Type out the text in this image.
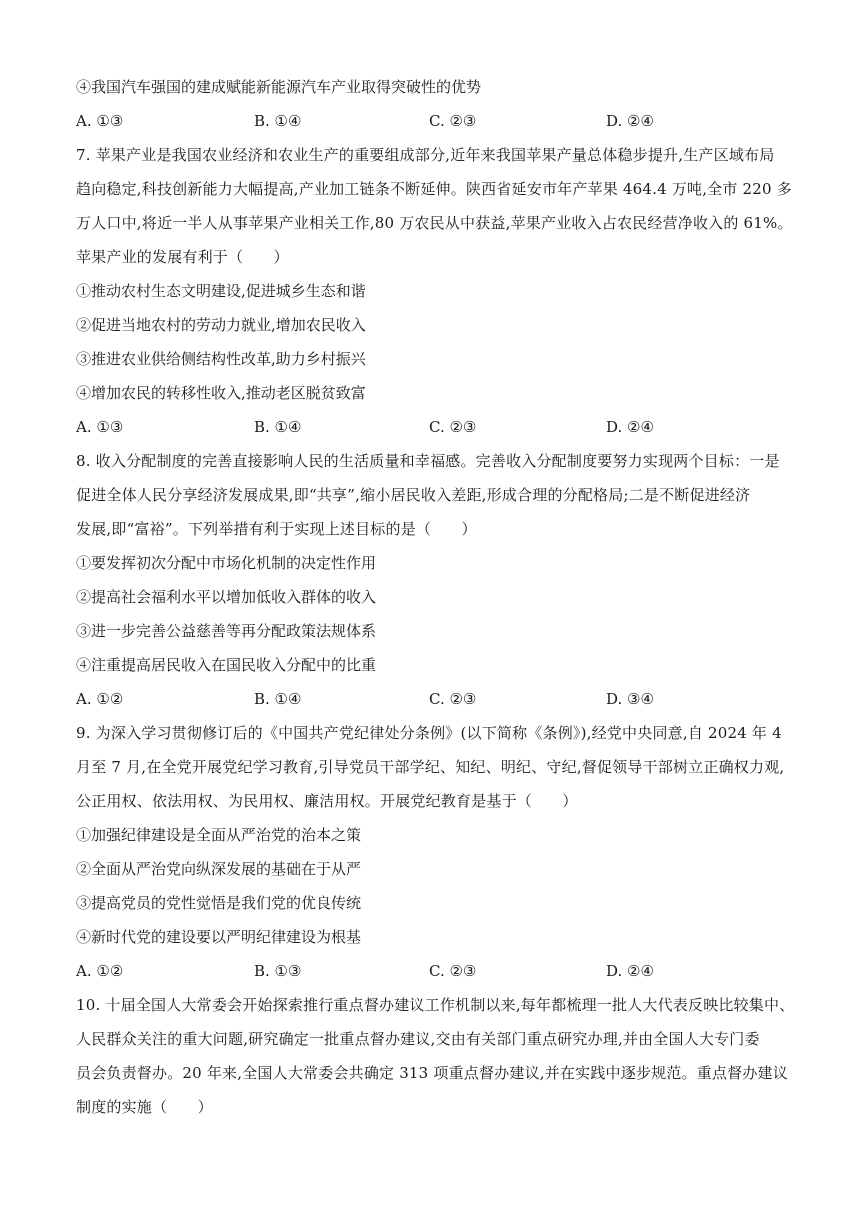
④我国汽车强国的建成赋能新能源汽车产业取得突破性的优势
A. ①③	B. ①④	C. ②③	D. ②④
7. 苹果产业是我国农业经济和农业生产的重要组成部分,近年来我国苹果产量总体稳步提升,生产区域布局
趋向稳定,科技创新能力大幅提高,产业加工链条不断延伸。陕西省延安市年产苹果 464.4 万吨,全市 220 多
万人口中,将近一半人从事苹果产业相关工作,80 万农民从中获益,苹果产业收入占农民经营净收入的 61%。
苹果产业的发展有利于（　　）
①推动农村生态文明建设,促进城乡生态和谐
②促进当地农村的劳动力就业,增加农民收入
③推进农业供给侧结构性改革,助力乡村振兴
④增加农民的转移性收入,推动老区脱贫致富
A. ①③	B. ①④	C. ②③	D. ②④
8. 收入分配制度的完善直接影响人民的生活质量和幸福感。完善收入分配制度要努力实现两个目标：一是
促进全体人民分享经济发展成果,即“共享”,缩小居民收入差距,形成合理的分配格局;二是不断促进经济
发展,即“富裕”。下列举措有利于实现上述目标的是（　　）
①要发挥初次分配中市场化机制的决定性作用
②提高社会福利水平以增加低收入群体的收入
③进一步完善公益慈善等再分配政策法规体系
④注重提高居民收入在国民收入分配中的比重
A. ①②	B. ①④	C. ②③	D. ③④
9. 为深入学习贯彻修订后的《中国共产党纪律处分条例》(以下简称《条例》),经党中央同意,自 2024 年 4
月至 7 月,在全党开展党纪学习教育,引导党员干部学纪、知纪、明纪、守纪,督促领导干部树立正确权力观,
公正用权、依法用权、为民用权、廉洁用权。开展党纪教育是基于（　　）
①加强纪律建设是全面从严治党的治本之策
②全面从严治党向纵深发展的基础在于从严
③提高党员的党性觉悟是我们党的优良传统
④新时代党的建设要以严明纪律建设为根基
A. ①②	B. ①③	C. ②③	D. ②④
10. 十届全国人大常委会开始探索推行重点督办建议工作机制以来,每年都梳理一批人大代表反映比较集中、
人民群众关注的重大问题,研究确定一批重点督办建议,交由有关部门重点研究办理,并由全国人大专门委
员会负责督办。20 年来,全国人大常委会共确定 313 项重点督办建议,并在实践中逐步规范。重点督办建议
制度的实施（　　）
